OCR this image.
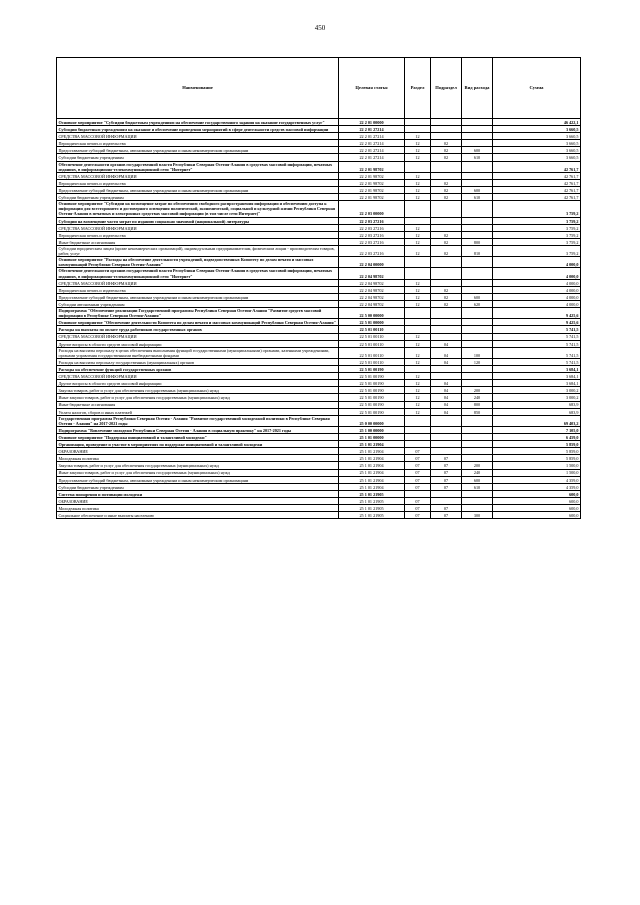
450
Наименование	Целевая статья	Раздел	Подраздел	Вид расхода	Сумма
Основное мероприятие "Субсидии бюджетным учреждениям на обеспечение государственного задания на оказание государственных услуг"	22 2 01 00000				46 422,1
Субсидии бюджетным учреждениям на оказание и обеспечение проведения мероприятий в сфере деятельности средств массовой информации	22 2 01 27214				3 660,5
СРЕДСТВА МАССОВОЙ ИНФОРМАЦИИ	22 2 01 27214	12			3 660,5
Периодическая печать и издательства	22 2 01 27214	12	02		3 660,5
Предоставление субсидий бюджетным, автономным учреждениям и иным некоммерческим организациям	22 2 01 27214	12	02	600	3 660,5
Субсидии бюджетным учреждениям	22 2 01 27214	12	02	610	3 660,5
Обеспечение деятельности органов государственной власти Республики Северная Осетия-Алания в средствах массовой информации, печатных изданиях, в информационно-телекоммуникационной сети "Интернет"	22 2 01 98702				42 761,7
СРЕДСТВА МАССОВОЙ ИНФОРМАЦИИ	22 2 01 98702	12			42 761,7
Периодическая печать и издательства	22 2 01 98702	12	02		42 761,7
Предоставление субсидий бюджетным, автономным учреждениям и иным некоммерческим организациям	22 2 01 98702	12	02	600	42 761,7
Субсидии бюджетным учреждениям	22 2 01 98702	12	02	610	42 761,7
Основное мероприятие "Субсидии на возмещение затрат по обеспечению свободного распространения информации и обеспечению доступа к информации для всестороннего и достоверного освещения политической, экономической, социальной и культурной жизни Республики Северная Осетия-Алания в печатных и электронных средствах массовой информации (в том числе сети Интернет)"	22 2 03 00000				3 759,2
Субсидии на возмещение части затрат по изданию социально значимой (национальной) литературы	22 2 03 27216				3 759,2
СРЕДСТВА МАССОВОЙ ИНФОРМАЦИИ	22 2 03 27216	12			3 759,2
Периодическая печать и издательства	22 2 03 27216	12	02		3 759,2
Иные бюджетные ассигнования	22 2 03 27216	12	02	800	3 759,2
Субсидии юридическим лицам (кроме некоммерческих организаций), индивидуальным предпринимателям, физическим лицам - производителям товаров, работ, услуг	22 2 03 27216	12	02	810	3 759,2
Основное мероприятие "Расходы на обеспечение деятельности учреждений, подведомственных Комитету по делам печати и массовых коммуникаций Республики Северная Осетия-Алания"	22 2 04 00000				4 000,0
Обеспечение деятельности органов государственной власти Республики Северная Осетия-Алания в средствах массовой информации, печатных изданиях, в информационно-телекоммуникационной сети "Интернет"	22 2 04 98702				4 000,0
СРЕДСТВА МАССОВОЙ ИНФОРМАЦИИ	22 2 04 98702	12			4 000,0
Периодическая печать и издательства	22 2 04 98702	12	02		4 000,0
Предоставление субсидий бюджетным, автономным учреждениям и иным некоммерческим организациям	22 2 04 98702	12	02	600	4 000,0
Субсидии автономным учреждениям	22 2 04 98702	12	02	620	4 000,0
Подпрограмма "Обеспечение реализации Государственной программы Республики Северная Осетия-Алания "Развитие средств массовой информации в Республике Северная Осетия-Алания"	22 5 00 00000				9 425,6
Основное мероприятие "Обеспечение деятельности Комитета по делам печати и массовых коммуникаций Республики Северная Осетия-Алания"	22 5 01 00000				9 425,6
Расходы на выплаты по оплате труда работников государственных органов	22 5 01 00110				5 741,5
СРЕДСТВА МАССОВОЙ ИНФОРМАЦИИ	22 5 01 00110	12			5 741,5
Другие вопросы в области средств массовой информации	22 5 01 00110	12	04		5 741,5
Расходы на выплаты персоналу в целях обеспечения выполнения функций государственными (муниципальными) органами, казенными учреждениями, органами управления государственными внебюджетными фондами	22 5 01 00110	12	04	100	5 741,5
Расходы на выплаты персоналу государственных (муниципальных) органов	22 5 01 00110	12	04	120	5 741,5
Расходы на обеспечение функций государственных органов	22 5 01 00190				3 684,1
СРЕДСТВА МАССОВОЙ ИНФОРМАЦИИ	22 5 01 00190	12			3 684,1
Другие вопросы в области средств массовой информации	22 5 01 00190	12	04		3 684,1
Закупка товаров, работ и услуг для обеспечения государственных (муниципальных) нужд	22 5 01 00190	12	04	200	3 000,2
Иные закупки товаров, работ и услуг для обеспечения государственных (муниципальных) нужд	22 5 01 00190	12	04	240	3 000,2
Иные бюджетные ассигнования	22 5 01 00190	12	04	800	683,9
Уплата налогов, сборов и иных платежей	22 5 01 00190	12	04	850	683,9
Государственная программа Республики Северная Осетия - Алания "Развитие государственной молодежной политики в Республике Северная Осетия - Алания" на 2017-2021 годы	25 0 00 00000				69 403,2
Подпрограмма "Вовлечение молодежи Республики Северная Осетия - Алания в социальную практику" на 2017-2021 годы	25 1 00 00000				7 105,0
Основное мероприятие "Поддержка инициативной и талантливой молодежи"	25 1 01 00000				6 459,0
Организация, проведение и участие в мероприятиях по поддержке инициативной и талантливой молодежи	25 1 01 21904				5 859,0
ОБРАЗОВАНИЕ	25 1 01 21904	07			5 859,0
Молодежная политика	25 1 01 21904	07	07		5 859,0
Закупка товаров, работ и услуг для обеспечения государственных (муниципальных) нужд	25 1 01 21904	07	07	200	1 500,0
Иные закупки товаров, работ и услуг для обеспечения государственных (муниципальных) нужд	25 1 01 21904	07	07	240	1 500,0
Предоставление субсидий бюджетным, автономным учреждениям и иным некоммерческим организациям	25 1 01 21904	07	07	600	4 359,0
Субсидии бюджетным учреждениям	25 1 01 21904	07	07	610	4 359,0
Система поощрения и мотивации молодежи	25 1 01 21905				600,0
ОБРАЗОВАНИЕ	25 1 01 21905	07			600,0
Молодежная политика	25 1 01 21905	07	07		600,0
Социальное обеспечение и иные выплаты населению	25 1 01 21905	07	07	300	600,0
